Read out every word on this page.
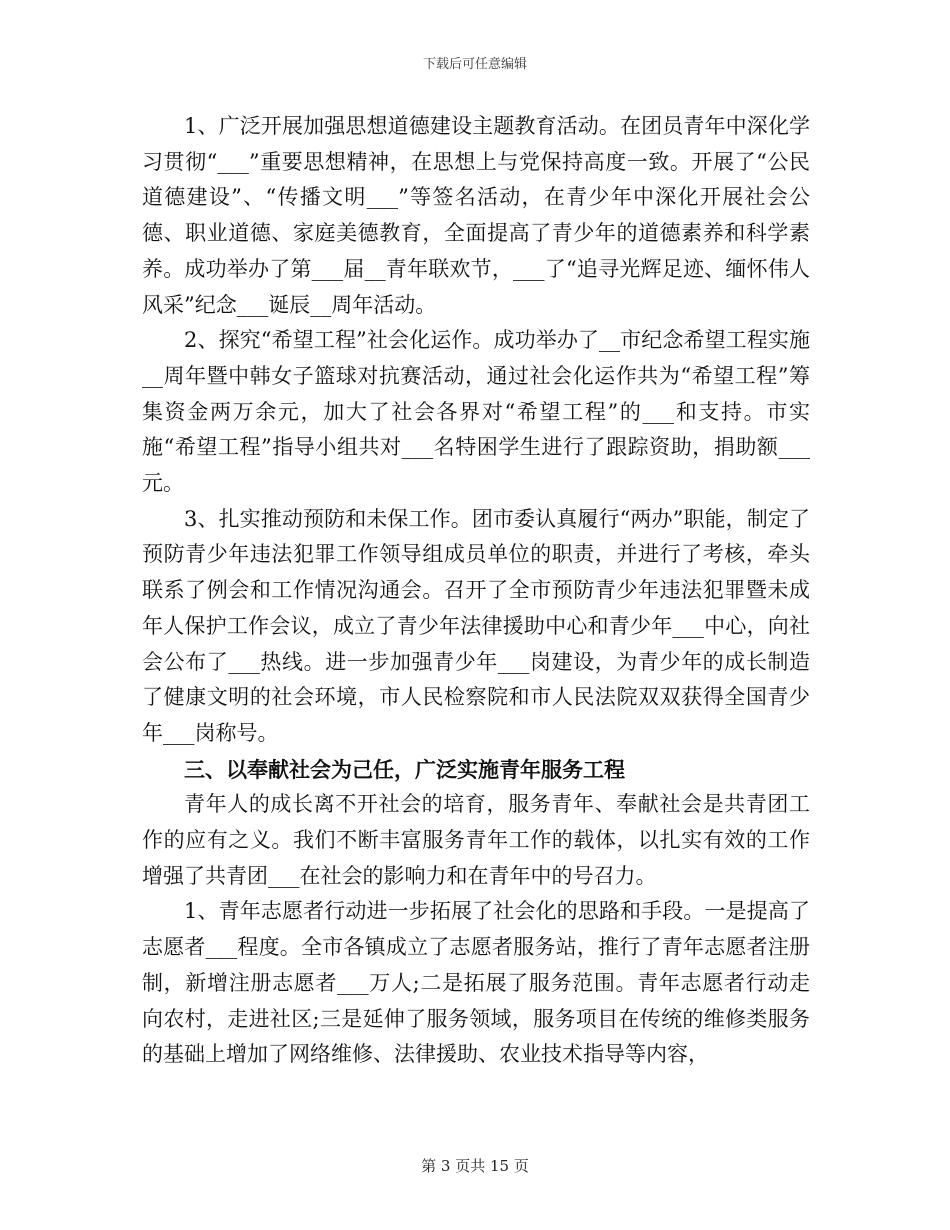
下载后可任意编辑

1、广泛开展加强思想道德建设主题教育活动。在团员青年中深化学习贯彻“___”重要思想精神，在思想上与党保持高度一致。开展了“公民道德建设”、“传播文明___”等签名活动，在青少年中深化开展社会公德、职业道德、家庭美德教育，全面提高了青少年的道德素养和科学素养。成功举办了第___届__青年联欢节，___了“追寻光辉足迹、缅怀伟人风采”纪念___诞辰__周年活动。

2、探究“希望工程”社会化运作。成功举办了__市纪念希望工程实施__周年暨中韩女子篮球对抗赛活动，通过社会化运作共为“希望工程”筹集资金两万余元，加大了社会各界对“希望工程”的___和支持。市实施“希望工程”指导小组共对___名特困学生进行了跟踪资助，捐助额___元。

3、扎实推动预防和未保工作。团市委认真履行“两办”职能，制定了预防青少年违法犯罪工作领导组成员单位的职责，并进行了考核，牵头联系了例会和工作情况沟通会。召开了全市预防青少年违法犯罪暨未成年人保护工作会议，成立了青少年法律援助中心和青少年___中心，向社会公布了___热线。进一步加强青少年___岗建设，为青少年的成长制造了健康文明的社会环境，市人民检察院和市人民法院双双获得全国青少年___岗称号。

三、以奉献社会为己任，广泛实施青年服务工程

青年人的成长离不开社会的培育，服务青年、奉献社会是共青团工作的应有之义。我们不断丰富服务青年工作的载体，以扎实有效的工作增强了共青团___在社会的影响力和在青年中的号召力。

1、青年志愿者行动进一步拓展了社会化的思路和手段。一是提高了志愿者___程度。全市各镇成立了志愿者服务站，推行了青年志愿者注册制，新增注册志愿者___万人;二是拓展了服务范围。青年志愿者行动走向农村，走进社区;三是延伸了服务领域，服务项目在传统的维修类服务的基础上增加了网络维修、法律援助、农业技术指导等内容，

第 3 页共 15 页
